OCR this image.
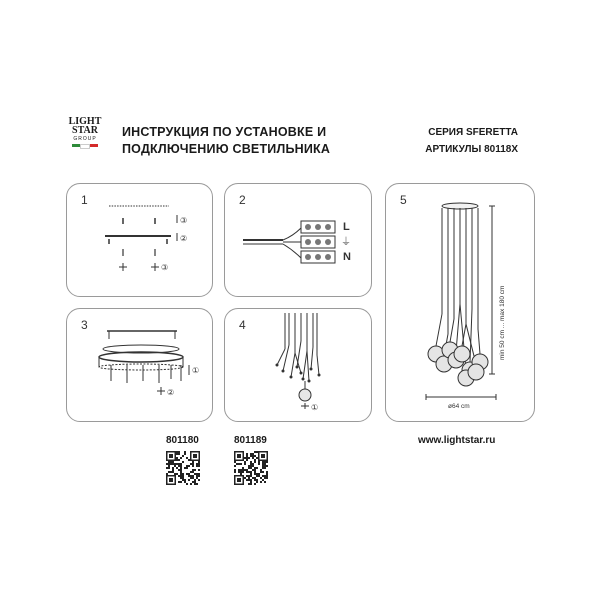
LIGHT
STAR
GROUP	ИНСТРУКЦИЯ ПО УСТАНОВКЕ И
ПОДКЛЮЧЕНИЮ СВЕТИЛЬНИКА
СЕРИЯ SFERETTA
АРТИКУЛЫ 80118X
1
③
②
③
2
L
⏚
N
3
①
②
4
①
5
min 50 cm ... max 180 cm
ø64 cm
801180	801189	www.lightstar.ru
